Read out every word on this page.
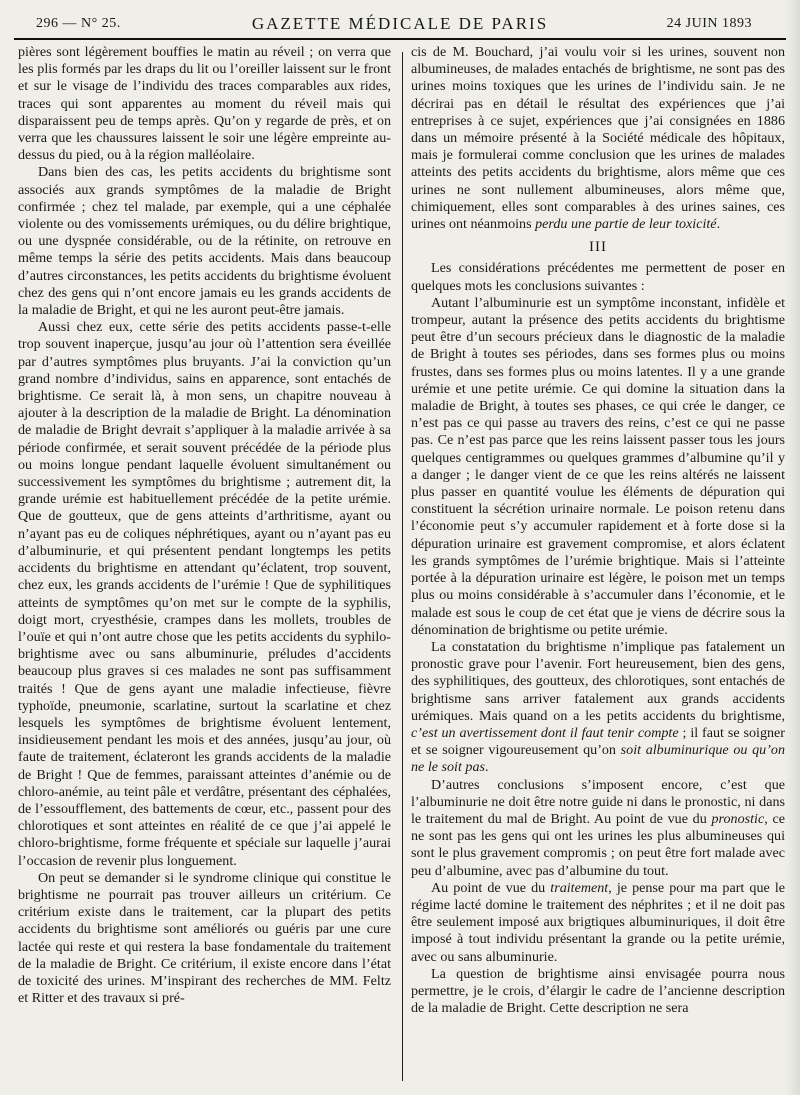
296 — N° 25.	GAZETTE MÉDICALE DE PARIS	24 JUIN 1893

pières sont légèrement bouffies le matin au réveil ; on verra que les plis formés par les draps du lit ou l’oreiller laissent sur le front et sur le visage de l’individu des traces comparables aux rides, traces qui sont apparentes au moment du réveil mais qui disparaissent peu de temps après. Qu’on y regarde de près, et on verra que les chaussures laissent le soir une légère empreinte au-dessus du pied, ou à la région malléolaire.

Dans bien des cas, les petits accidents du brightisme sont associés aux grands symptômes de la maladie de Bright confirmée ; chez tel malade, par exemple, qui a une céphalée violente ou des vomissements urémiques, ou du délire brightique, ou une dyspnée considérable, ou de la rétinite, on retrouve en même temps la série des petits accidents. Mais dans beaucoup d’autres circonstances, les petits accidents du brightisme évoluent chez des gens qui n’ont encore jamais eu les grands accidents de la maladie de Bright, et qui ne les auront peut-être jamais.

Aussi chez eux, cette série des petits accidents passe-t-elle trop souvent inaperçue, jusqu’au jour où l’attention sera éveillée par d’autres symptômes plus bruyants. J’ai la conviction qu’un grand nombre d’individus, sains en apparence, sont entachés de brightisme. Ce serait là, à mon sens, un chapitre nouveau à ajouter à la description de la maladie de Bright. La dénomination de maladie de Bright devrait s’appliquer à la maladie arrivée à sa période confirmée, et serait souvent précédée de la période plus ou moins longue pendant laquelle évoluent simultanément ou successivement les symptômes du brightisme ; autrement dit, la grande urémie est habituellement précédée de la petite urémie. Que de goutteux, que de gens atteints d’arthritisme, ayant ou n’ayant pas eu de coliques néphrétiques, ayant ou n’ayant pas eu d’albuminurie, et qui présentent pendant longtemps les petits accidents du brightisme en attendant qu’éclatent, trop souvent, chez eux, les grands accidents de l’urémie ! Que de syphilitiques atteints de symptômes qu’on met sur le compte de la syphilis, doigt mort, cryesthésie, crampes dans les mollets, troubles de l’ouïe et qui n’ont autre chose que les petits accidents du syphilo-brightisme avec ou sans albuminurie, préludes d’accidents beaucoup plus graves si ces malades ne sont pas suffisamment traités ! Que de gens ayant une maladie infectieuse, fièvre typhoïde, pneumonie, scarlatine, surtout la scarlatine et chez lesquels les symptômes de brightisme évoluent lentement, insidieusement pendant les mois et des années, jusqu’au jour, où faute de traitement, éclateront les grands accidents de la maladie de Bright ! Que de femmes, paraissant atteintes d’anémie ou de chloro-anémie, au teint pâle et verdâtre, présentant des céphalées, de l’essoufflement, des battements de cœur, etc., passent pour des chlorotiques et sont atteintes en réalité de ce que j’ai appelé le chloro-brightisme, forme fréquente et spéciale sur laquelle j’aurai l’occasion de revenir plus longuement.

On peut se demander si le syndrome clinique qui constitue le brightisme ne pourrait pas trouver ailleurs un critérium. Ce critérium existe dans le traitement, car la plupart des petits accidents du brightisme sont améliorés ou guéris par une cure lactée qui reste et qui restera la base fondamentale du traitement de la maladie de Bright. Ce critérium, il existe encore dans l’état de toxicité des urines. M’inspirant des recherches de MM. Feltz et Ritter et des travaux si pré-

cis de M. Bouchard, j’ai voulu voir si les urines, souvent non albumineuses, de malades entachés de brightisme, ne sont pas des urines moins toxiques que les urines de l’individu sain. Je ne décrirai pas en détail le résultat des expériences que j’ai entreprises à ce sujet, expériences que j’ai consignées en 1886 dans un mémoire présenté à la Société médicale des hôpitaux, mais je formulerai comme conclusion que les urines de malades atteints des petits accidents du brightisme, alors même que ces urines ne sont nullement albumineuses, alors même que, chimiquement, elles sont comparables à des urines saines, ces urines ont néanmoins perdu une partie de leur toxicité.

III

Les considérations précédentes me permettent de poser en quelques mots les conclusions suivantes :

Autant l’albuminurie est un symptôme inconstant, infidèle et trompeur, autant la présence des petits accidents du brightisme peut être d’un secours précieux dans le diagnostic de la maladie de Bright à toutes ses périodes, dans ses formes plus ou moins frustes, dans ses formes plus ou moins latentes. Il y a une grande urémie et une petite urémie. Ce qui domine la situation dans la maladie de Bright, à toutes ses phases, ce qui crée le danger, ce n’est pas ce qui passe au travers des reins, c’est ce qui ne passe pas. Ce n’est pas parce que les reins laissent passer tous les jours quelques centigrammes ou quelques grammes d’albumine qu’il y a danger ; le danger vient de ce que les reins altérés ne laissent plus passer en quantité voulue les éléments de dépuration qui constituent la sécrétion urinaire normale. Le poison retenu dans l’économie peut s’y accumuler rapidement et à forte dose si la dépuration urinaire est gravement compromise, et alors éclatent les grands symptômes de l’urémie brightique. Mais si l’atteinte portée à la dépuration urinaire est légère, le poison met un temps plus ou moins considérable à s’accumuler dans l’économie, et le malade est sous le coup de cet état que je viens de décrire sous la dénomination de brightisme ou petite urémie.

La constatation du brightisme n’implique pas fatalement un pronostic grave pour l’avenir. Fort heureusement, bien des gens, des syphilitiques, des goutteux, des chlorotiques, sont entachés de brightisme sans arriver fatalement aux grands accidents urémiques. Mais quand on a les petits accidents du brightisme, c’est un avertissement dont il faut tenir compte ; il faut se soigner et se soigner vigoureusement qu’on soit albuminurique ou qu’on ne le soit pas.

D’autres conclusions s’imposent encore, c’est que l’albuminurie ne doit être notre guide ni dans le pronostic, ni dans le traitement du mal de Bright. Au point de vue du pronostic, ce ne sont pas les gens qui ont les urines les plus albumineuses qui sont le plus gravement compromis ; on peut être fort malade avec peu d’albumine, avec pas d’albumine du tout.

Au point de vue du traitement, je pense pour ma part que le régime lacté domine le traitement des néphrites ; et il ne doit pas être seulement imposé aux brigtiques albuminuriques, il doit être imposé à tout individu présentant la grande ou la petite urémie, avec ou sans albuminurie.

La question de brightisme ainsi envisagée pourra nous permettre, je le crois, d’élargir le cadre de l’ancienne description de la maladie de Bright. Cette description ne sera
